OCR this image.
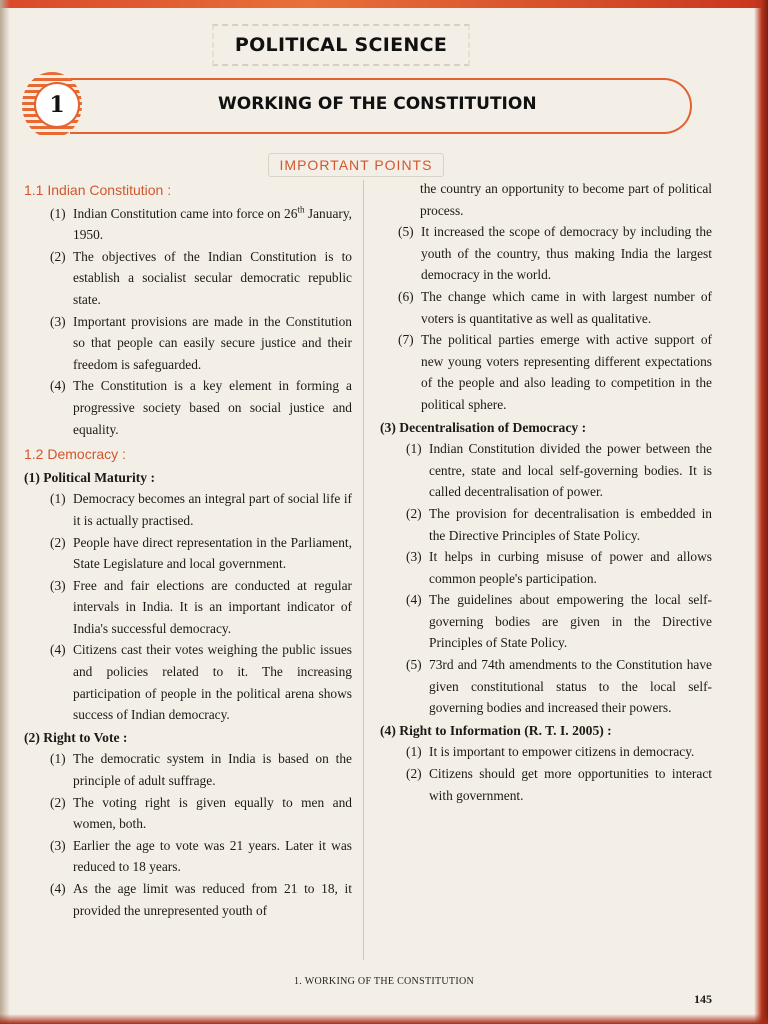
POLITICAL SCIENCE
1	WORKING OF THE CONSTITUTION
IMPORTANT POINTS
1.1 Indian Constitution :
(1) Indian Constitution came into force on 26th January, 1950.
(2) The objectives of the Indian Constitution is to establish a socialist secular democratic republic state.
(3) Important provisions are made in the Constitution so that people can easily secure justice and their freedom is safeguarded.
(4) The Constitution is a key element in forming a progressive society based on social justice and equality.
1.2 Democracy :
(1) Political Maturity :
(1) Democracy becomes an integral part of social life if it is actually practised.
(2) People have direct representation in the Parliament, State Legislature and local government.
(3) Free and fair elections are conducted at regular intervals in India. It is an important indicator of India's successful democracy.
(4) Citizens cast their votes weighing the public issues and policies related to it. The increasing participation of people in the political arena shows success of Indian democracy.
(2) Right to Vote :
(1) The democratic system in India is based on the principle of adult suffrage.
(2) The voting right is given equally to men and women, both.
(3) Earlier the age to vote was 21 years. Later it was reduced to 18 years.
(4) As the age limit was reduced from 21 to 18, it provided the unrepresented youth of
the country an opportunity to become part of political process.
(5) It increased the scope of democracy by including the youth of the country, thus making India the largest democracy in the world.
(6) The change which came in with largest number of voters is quantitative as well as qualitative.
(7) The political parties emerge with active support of new young voters representing different expectations of the people and also leading to competition in the political sphere.
(3) Decentralisation of Democracy :
(1) Indian Constitution divided the power between the centre, state and local self-governing bodies. It is called decentralisation of power.
(2) The provision for decentralisation is embedded in the Directive Principles of State Policy.
(3) It helps in curbing misuse of power and allows common people's participation.
(4) The guidelines about empowering the local self-governing bodies are given in the Directive Principles of State Policy.
(5) 73rd and 74th amendments to the Constitution have given constitutional status to the local self-governing bodies and increased their powers.
(4) Right to Information (R. T. I. 2005) :
(1) It is important to empower citizens in democracy.
(2) Citizens should get more opportunities to interact with government.
1. WORKING OF THE CONSTITUTION
145
